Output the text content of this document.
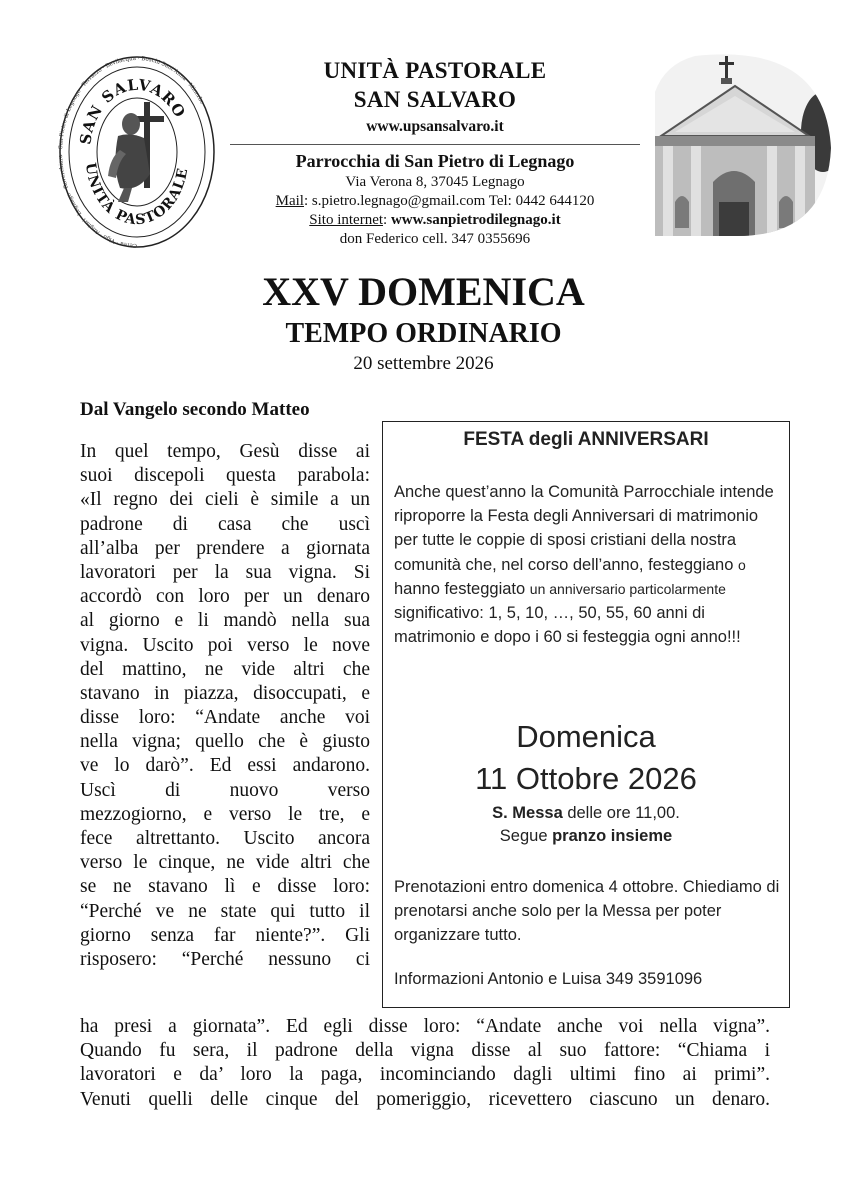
Cerea · Vigo · Angiari · Legnago · Roverchiara · San Pietro di Legnago · Terrazzo · Bevilacqua · Boschi Sant'Anna · Minerbe
SAN SALVARO
UNITÀ PASTORALE
UNITÀ PASTORALE
SAN SALVARO
www.upsansalvaro.it
Parrocchia di San Pietro di Legnago
Via Verona 8, 37045 Legnago
Mail: s.pietro.legnago@gmail.com Tel: 0442 644120
Sito internet: www.sanpietrodilegnago.it
don Federico cell. 347 0355696
XXV DOMENICA
TEMPO ORDINARIO
20 settembre 2026
Dal Vangelo secondo Matteo
In quel tempo, Gesù disse ai
suoi discepoli questa parabola:
«Il regno dei cieli è simile a un
padrone di casa che uscì
all’alba per prendere a giornata
lavoratori per la sua vigna. Si
accordò con loro per un denaro
al giorno e li mandò nella sua
vigna. Uscito poi verso le nove
del mattino, ne vide altri che
stavano in piazza, disoccupati, e
disse loro: “Andate anche voi
nella vigna; quello che è giusto
ve lo darò”. Ed essi andarono.
Uscì di nuovo verso
mezzogiorno, e verso le tre, e
fece altrettanto. Uscito ancora
verso le cinque, ne vide altri che
se ne stavano lì e disse loro:
“Perché ve ne state qui tutto il
giorno senza far niente?”. Gli
risposero: “Perché nessuno ci
ha presi a giornata”. Ed egli disse loro: “Andate anche voi nella vigna”.
Quando fu sera, il padrone della vigna disse al suo fattore: “Chiama i
lavoratori e da’ loro la paga, incominciando dagli ultimi fino ai primi”.
Venuti quelli delle cinque del pomeriggio, ricevettero ciascuno un denaro.
FESTA degli ANNIVERSARI
Anche quest’anno la Comunità Parrocchiale intende riproporre la Festa degli Anniversari di matrimonio per tutte le coppie di sposi cristiani della nostra comunità che, nel corso dell’anno, festeggiano o hanno festeggiato un anniversario particolarmente significativo: 1, 5, 10, …, 50, 55, 60 anni di matrimonio e dopo i 60 si festeggia ogni anno!!!
Domenica
11 Ottobre 2026
S. Messa delle ore 11,00.
Segue pranzo insieme
Prenotazioni entro domenica 4 ottobre. Chiediamo di prenotarsi anche solo per la Messa per poter organizzare tutto.
Informazioni Antonio e Luisa 349 3591096
